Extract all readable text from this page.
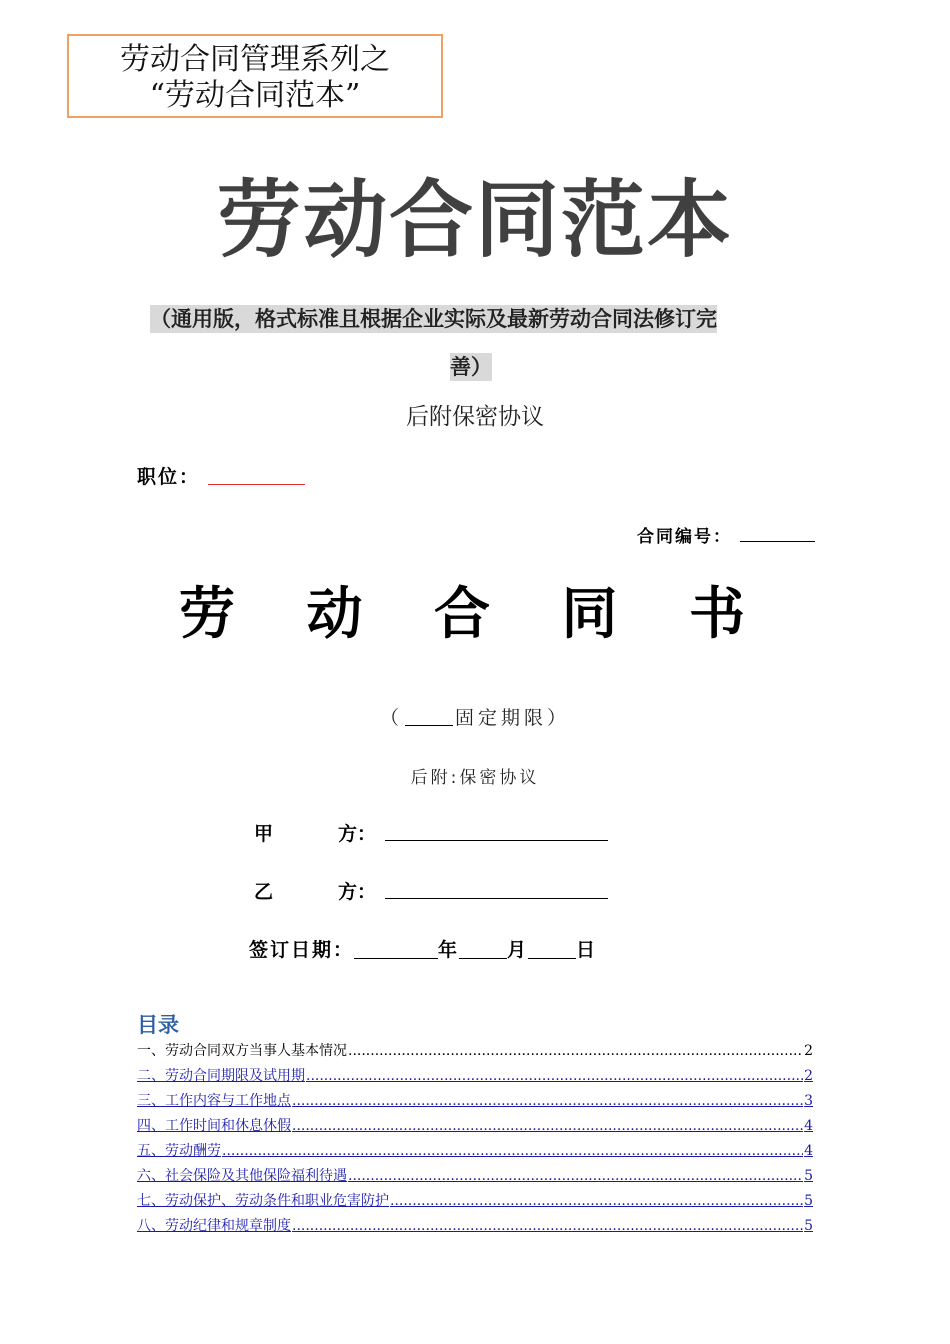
劳动合同管理系列之
“劳动合同范本”
劳动合同范本
（通用版，格式标准且根据企业实际及最新劳动合同法修订完
善）
后附保密协议
职位：
合同编号：
劳 动 合 同 书
（	固定期限）
后附:保密协议
甲	方：
乙	方：
签订日期：	年	月	日
目录
一、劳动合同双方当事人基本情况 .....	2
二、劳动合同期限及试用期 .....	2
三、工作内容与工作地点 .....	3
四、工作时间和休息休假 .....	4
五、劳动酬劳 .....	4
六、社会保险及其他保险福利待遇 .....	5
七、劳动保护、劳动条件和职业危害防护 .....	5
八、劳动纪律和规章制度 .....	5
